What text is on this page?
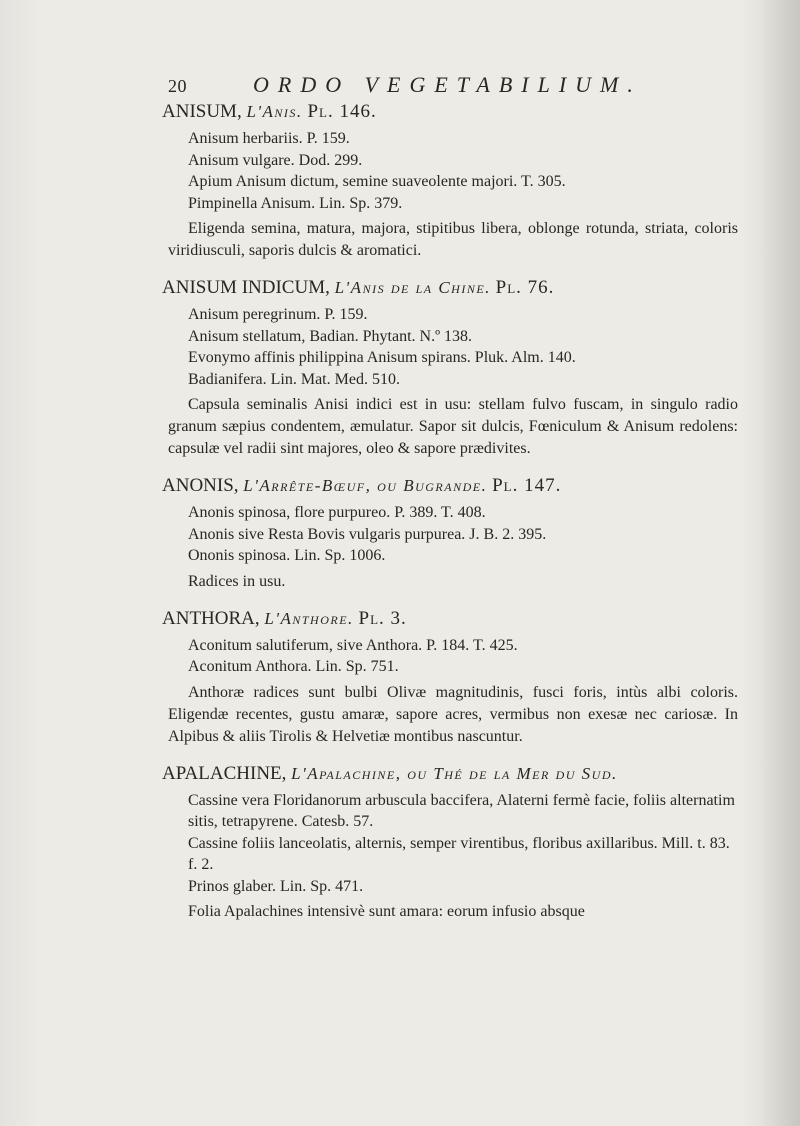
20	ORDO VEGETABILIUM.
ANISUM, L'Anis. Pl. 146.
Anisum herbariis. P. 159.
Anisum vulgare. Dod. 299.
Apium Anisum dictum, semine suaveolente majori. T. 305.
Pimpinella Anisum. Lin. Sp. 379.

Eligenda semina, matura, majora, stipitibus libera, oblonge rotunda, striata, coloris viridiusculi, saporis dulcis & aromatici.

ANISUM INDICUM, L'Anis de la Chine. Pl. 76.
Anisum peregrinum. P. 159.
Anisum stellatum, Badian. Phytant. N.º 138.
Evonymo affinis philippina Anisum spirans. Pluk. Alm. 140.
Badianifera. Lin. Mat. Med. 510.

Capsula seminalis Anisi indici est in usu: stellam fulvo fuscam, in singulo radio granum sæpius condentem, æmulatur. Sapor sit dulcis, Fœniculum & Anisum redolens: capsulæ vel radii sint majores, oleo & sapore prædivites.

ANONIS, L'Arrête-Bœuf, ou Bugrande. Pl. 147.
Anonis spinosa, flore purpureo. P. 389. T. 408.
Anonis sive Resta Bovis vulgaris purpurea. J. B. 2. 395.
Ononis spinosa. Lin. Sp. 1006.

Radices in usu.

ANTHORA, L'Anthore. Pl. 3.
Aconitum salutiferum, sive Anthora. P. 184. T. 425.
Aconitum Anthora. Lin. Sp. 751.

Anthoræ radices sunt bulbi Olivæ magnitudinis, fusci foris, intùs albi coloris. Eligendæ recentes, gustu amaræ, sapore acres, vermibus non exesæ nec cariosæ. In Alpibus & aliis Tirolis & Helvetiæ montibus nascuntur.

APALACHINE, L'Apalachine, ou Thé de la Mer du Sud.
Cassine vera Floridanorum arbuscula baccifera, Alaterni fermè facie, foliis alternatim sitis, tetrapyrene. Catesb. 57.
Cassine foliis lanceolatis, alternis, semper virentibus, floribus axillaribus. Mill. t. 83. f. 2.
Prinos glaber. Lin. Sp. 471.

Folia Apalachines intensivè sunt amara: eorum infusio absque
